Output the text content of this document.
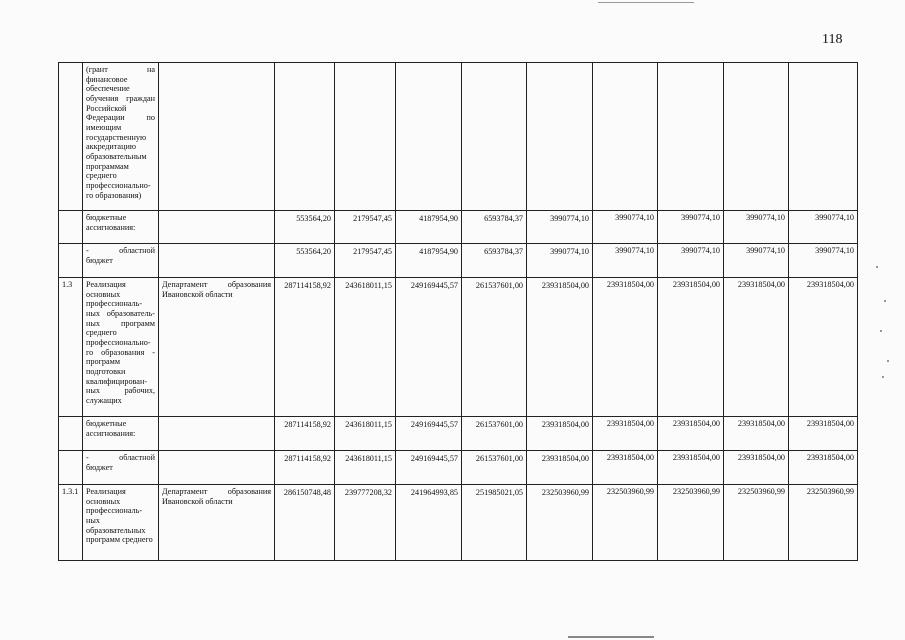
118
	(грант на финансовое обеспечение обучения граждан Российской Федерации по имеющим государственную аккредитацию образовательным программам среднего профессионально-го образования)										
	бюджетные ассигнования:		553564,20	2179547,45	4187954,90	6593784,37	3990774,10	3990774,10	3990774,10	3990774,10	3990774,10
	- областной бюджет		553564,20	2179547,45	4187954,90	6593784,37	3990774,10	3990774,10	3990774,10	3990774,10	3990774,10
1.3	Реализация основных профессиональ-ных образователь-ных программ среднего профессионально-го образования - программ подготовки квалифицирован-ных рабочих, служащих	Департамент образования Ивановской области	287114158,92	243618011,15	249169445,57	261537601,00	239318504,00	239318504,00	239318504,00	239318504,00	239318504,00
	бюджетные ассигнования:		287114158,92	243618011,15	249169445,57	261537601,00	239318504,00	239318504,00	239318504,00	239318504,00	239318504,00
	- областной бюджет		287114158,92	243618011,15	249169445,57	261537601,00	239318504,00	239318504,00	239318504,00	239318504,00	239318504,00
1.3.1	Реализация основных профессиональ-ных образовательных программ среднего	Департамент образования Ивановской области	286150748,48	239777208,32	241964993,85	251985021,05	232503960,99	232503960,99	232503960,99	232503960,99	232503960,99
